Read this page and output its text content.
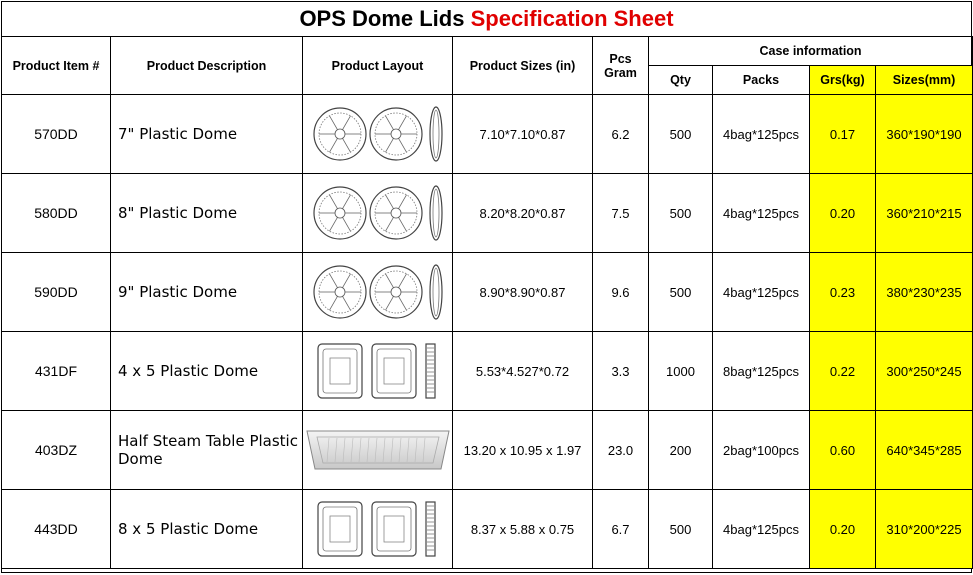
OPS Dome Lids Specification Sheet
Product Item #	Product Description	Product Layout	Product Sizes (in)	Pcs Gram	Case information			
					Qty	Packs	Grs(kg)	Sizes(mm)
570DD	7" Plastic Dome		7.10*7.10*0.87	6.2	500	4bag*125pcs	0.17	360*190*190
580DD	8" Plastic Dome		8.20*8.20*0.87	7.5	500	4bag*125pcs	0.20	360*210*215
590DD	9" Plastic Dome		8.90*8.90*0.87	9.6	500	4bag*125pcs	0.23	380*230*235
431DF	4 x 5 Plastic Dome		5.53*4.527*0.72	3.3	1000	8bag*125pcs	0.22	300*250*245
403DZ	Half Steam Table Plastic Dome		13.20 x 10.95 x 1.97	23.0	200	2bag*100pcs	0.60	640*345*285
443DD	8 x 5 Plastic Dome		8.37 x 5.88 x 0.75	6.7	500	4bag*125pcs	0.20	310*200*225
